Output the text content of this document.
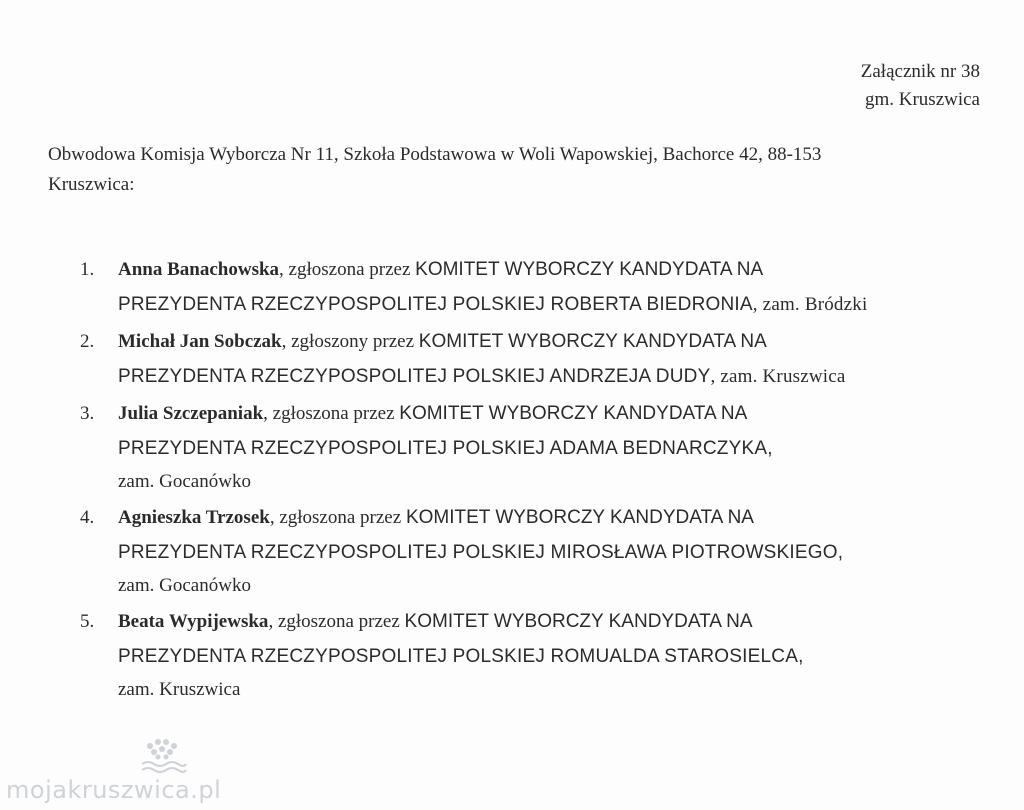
Załącznik nr 38
gm. Kruszwica
Obwodowa Komisja Wyborcza Nr 11, Szkoła Podstawowa w Woli Wapowskiej, Bachorce 42, 88-153
Kruszwica:
1. Anna Banachowska, zgłoszona przez KOMITET WYBORCZY KANDYDATA NA
PREZYDENTA RZECZYPOSPOLITEJ POLSKIEJ ROBERTA BIEDRONIA, zam. Bródzki
2. Michał Jan Sobczak, zgłoszony przez KOMITET WYBORCZY KANDYDATA NA
PREZYDENTA RZECZYPOSPOLITEJ POLSKIEJ ANDRZEJA DUDY, zam. Kruszwica
3. Julia Szczepaniak, zgłoszona przez KOMITET WYBORCZY KANDYDATA NA
PREZYDENTA RZECZYPOSPOLITEJ POLSKIEJ ADAMA BEDNARCZYKA,
zam. Gocanówko
4. Agnieszka Trzosek, zgłoszona przez KOMITET WYBORCZY KANDYDATA NA
PREZYDENTA RZECZYPOSPOLITEJ POLSKIEJ MIROSŁAWA PIOTROWSKIEGO,
zam. Gocanówko
5. Beata Wypijewska, zgłoszona przez KOMITET WYBORCZY KANDYDATA NA
PREZYDENTA RZECZYPOSPOLITEJ POLSKIEJ ROMUALDA STAROSIELCA,
zam. Kruszwica
mojakruszwica.pl
